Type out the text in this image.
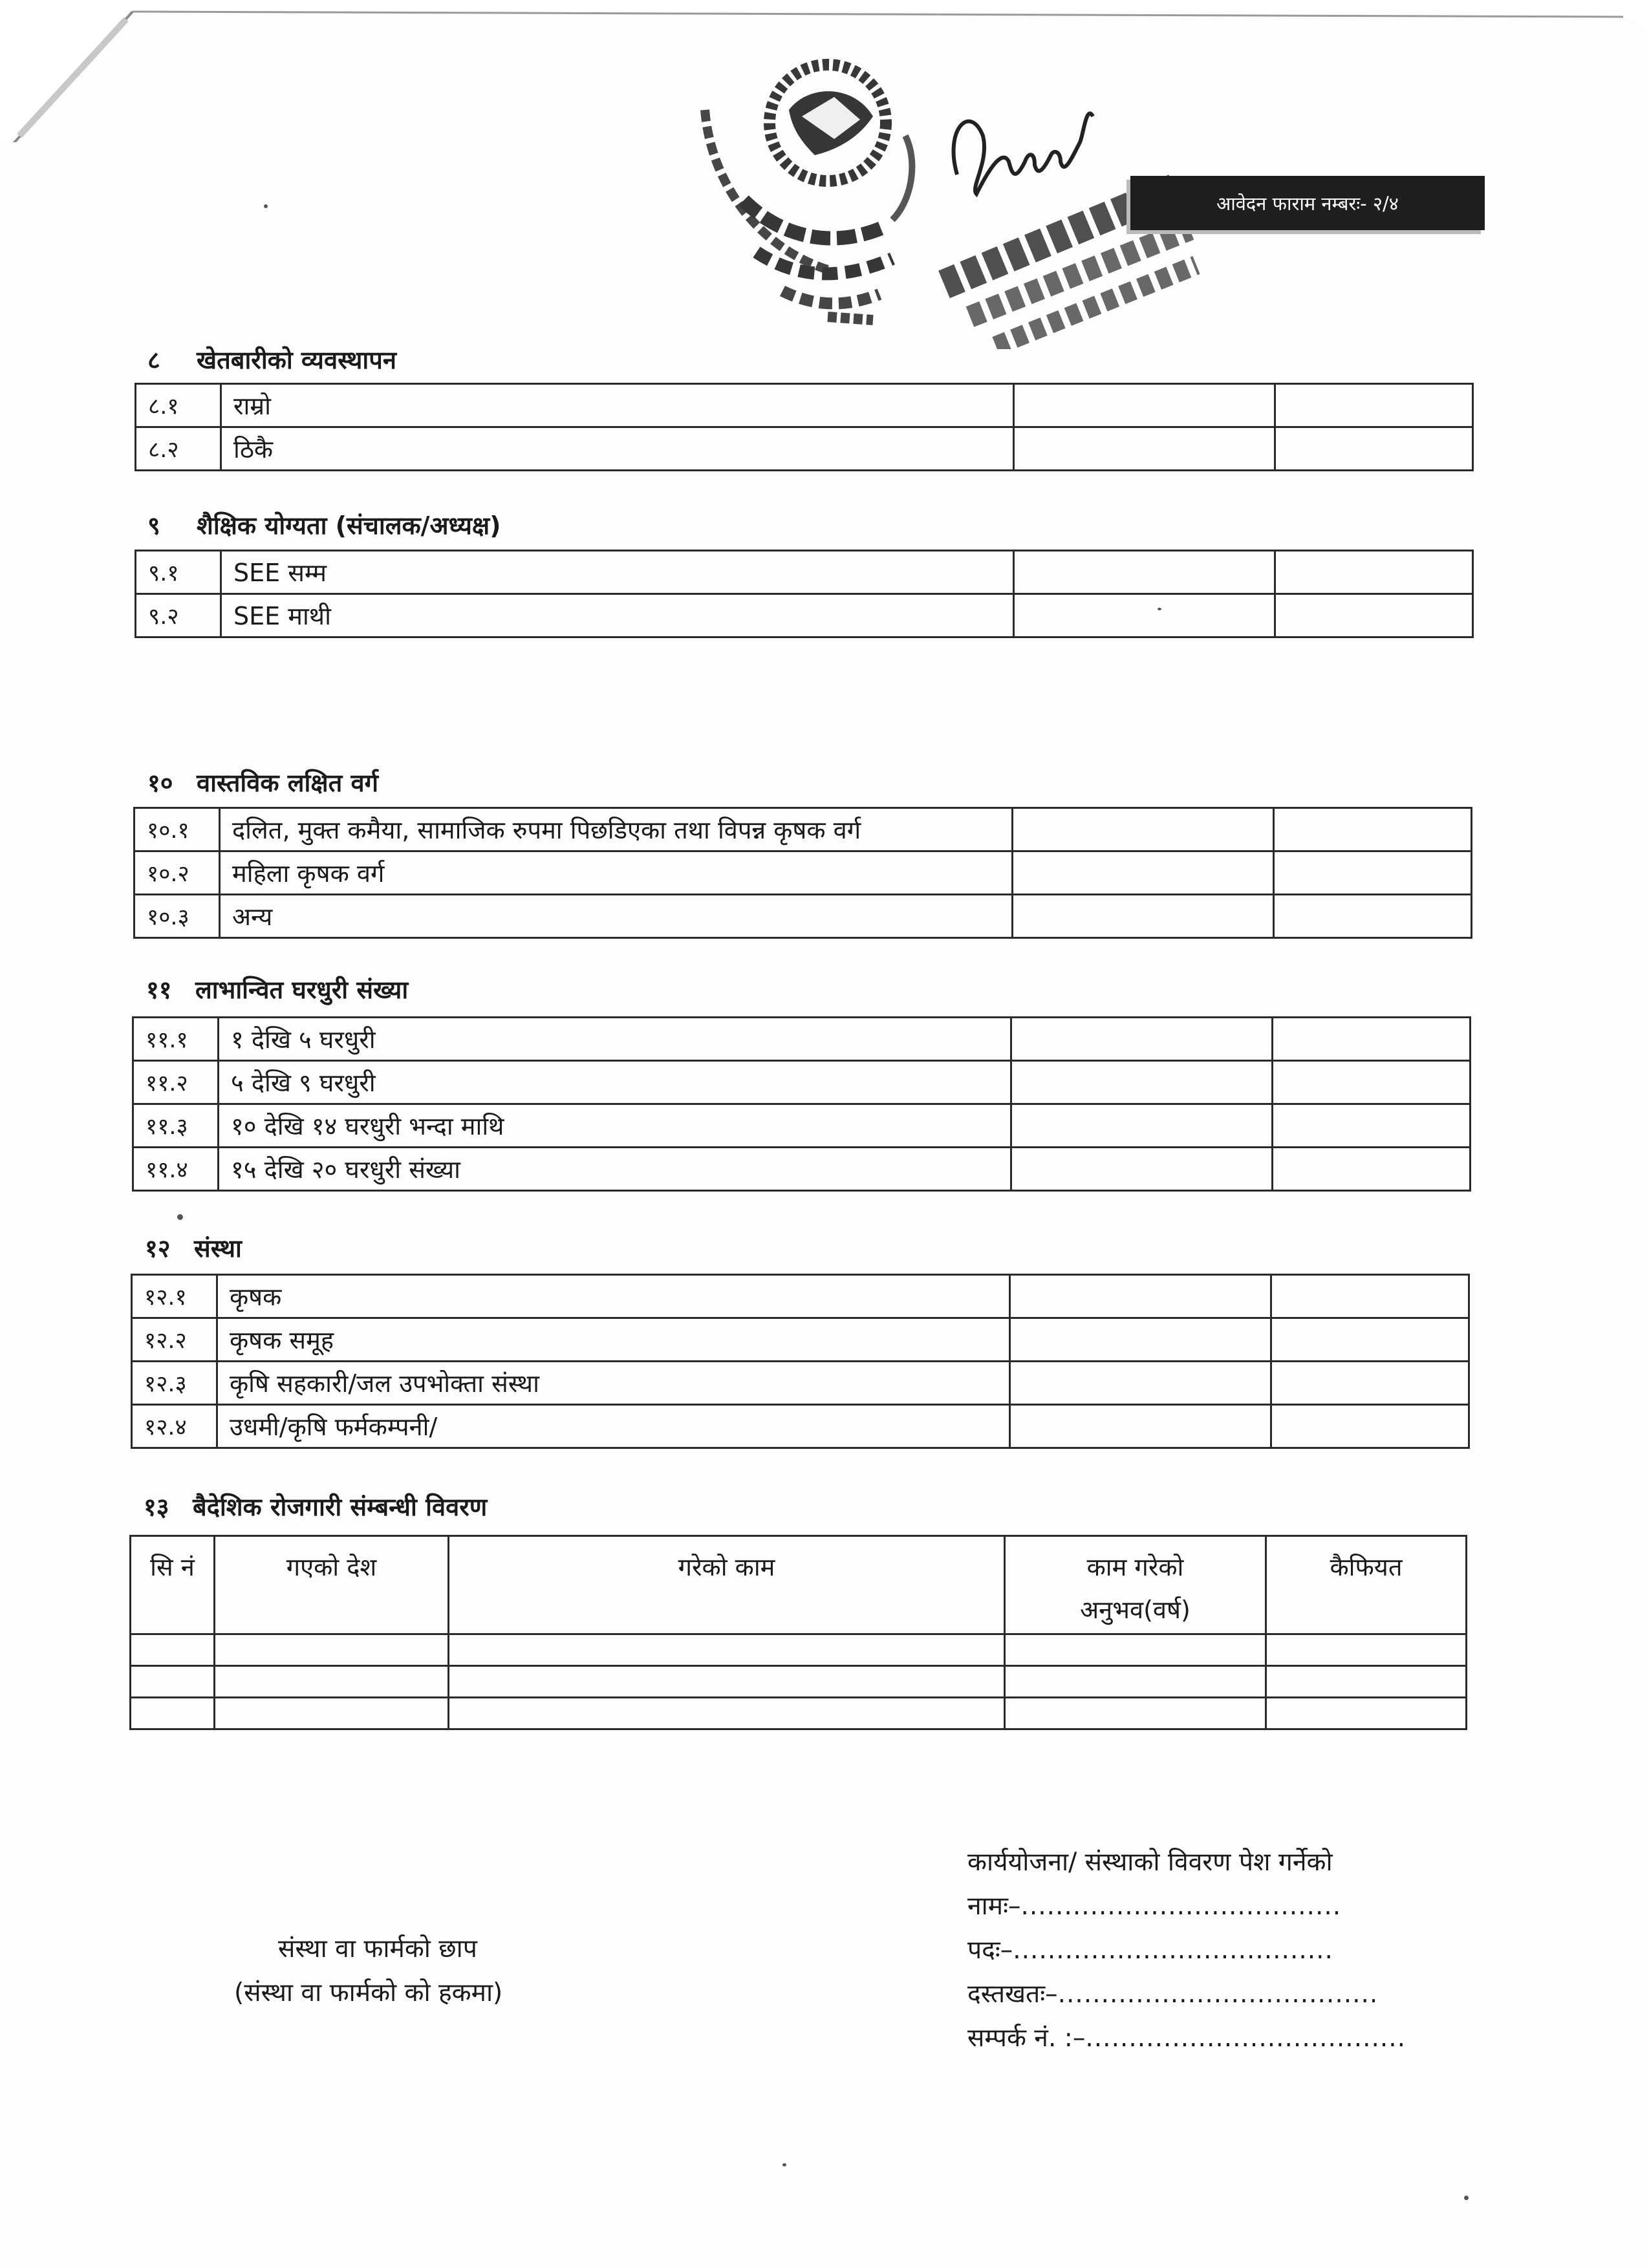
आवेदन फाराम नम्बरः- २/४
८ खेतबारीको व्यवस्थापन
८.१	राम्रो		
८.२	ठिकै		
९ शैक्षिक योग्यता (संचालक/अध्यक्ष)
९.१	SEE सम्म		
९.२	SEE माथी		
१० वास्तविक लक्षित वर्ग
१०.१	दलित, मुक्त कमैया, सामाजिक रुपमा पिछडिएका तथा विपन्न कृषक वर्ग		
१०.२	महिला कृषक वर्ग		
१०.३	अन्य		
११ लाभान्वित घरधुरी संख्या
११.१	१ देखि ५ घरधुरी		
११.२	५ देखि ९ घरधुरी		
११.३	१० देखि १४ घरधुरी भन्दा माथि		
११.४	१५ देखि २० घरधुरी संख्या		
१२ संस्था
१२.१	कृषक		
१२.२	कृषक समूह		
१२.३	कृषि सहकारी/जल उपभोक्ता संस्था		
१२.४	उधमी/कृषि फर्मकम्पनी/		
१३ बैदेशिक रोजगारी संम्बन्धी विवरण
सि नं	गएको देश	गरेको काम	काम गरेको अनुभव(वर्ष)	कैफियत

संस्था वा फार्मको छाप
(संस्था वा फार्मको को हकमा)
कार्ययोजना/ संस्थाको विवरण पेश गर्नेको
नामः–.....................................
पदः–.....................................
दस्तखतः–.....................................
सम्पर्क नं. :–.....................................
